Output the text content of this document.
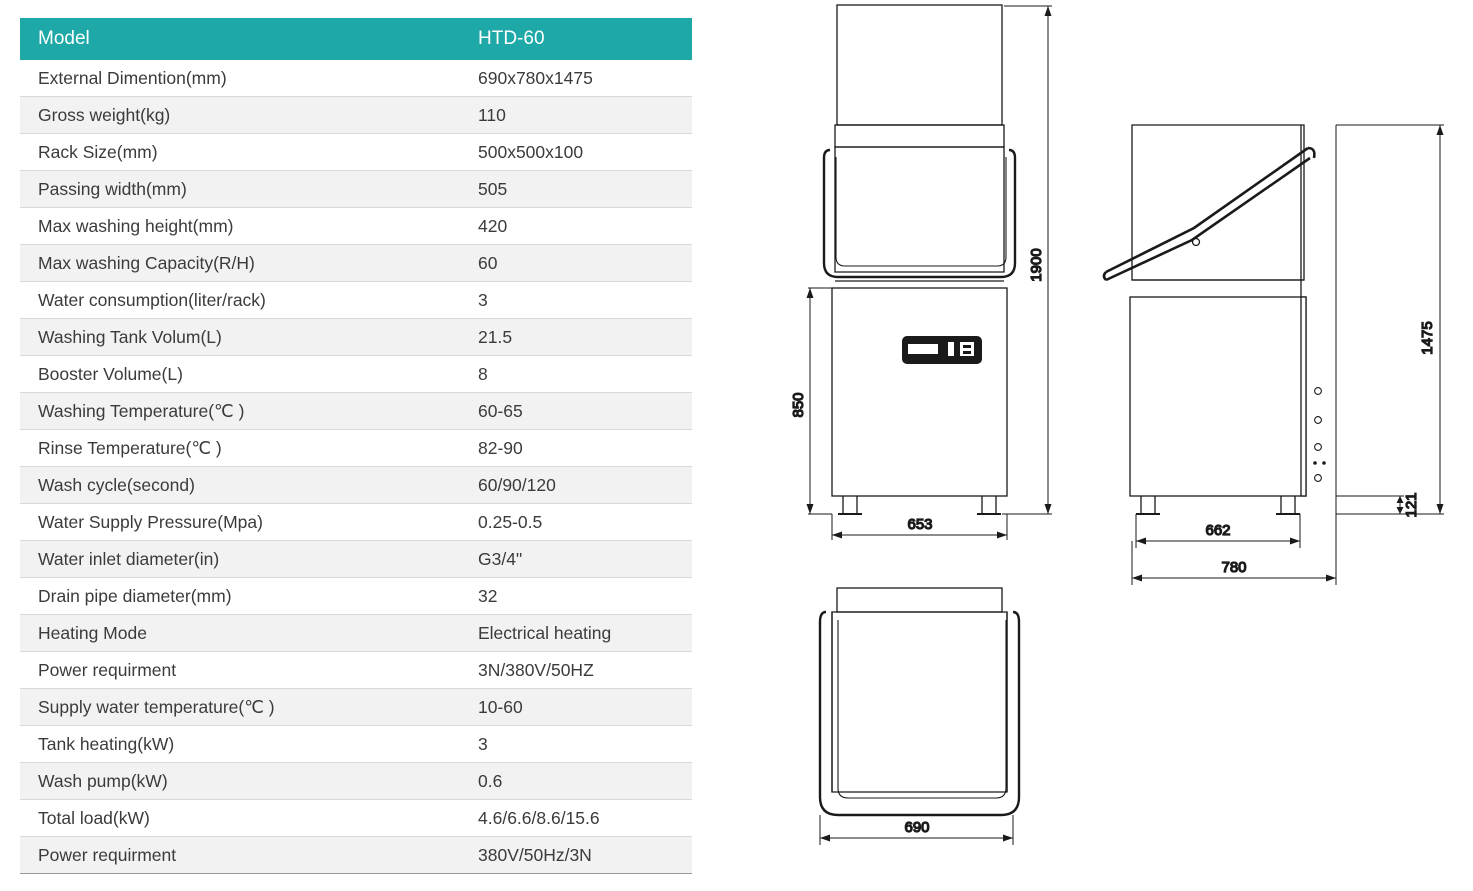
Model	HTD-60
External Dimention(mm)	690x780x1475
Gross weight(kg)	110
Rack Size(mm)	500x500x100
Passing width(mm)	505
Max washing height(mm)	420
Max washing Capacity(R/H)	60
Water consumption(liter/rack)	3
Washing Tank Volum(L)	21.5
Booster Volume(L)	8
Washing Temperature(℃ )	60-65
Rinse Temperature(℃ )	82-90
Wash cycle(second)	60/90/120
Water Supply Pressure(Mpa)	0.25-0.5
Water inlet diameter(in)	G3/4"
Drain pipe diameter(mm)	32
Heating Mode	Electrical heating
Power requirment	3N/380V/50HZ
Supply water temperature(℃ )	10-60
Tank heating(kW)	3
Wash pump(kW)	0.6
Total load(kW)	4.6/6.6/8.6/15.6
Power requirment	380V/50Hz/3N
1900
850
653
1475
121
662
780
690
